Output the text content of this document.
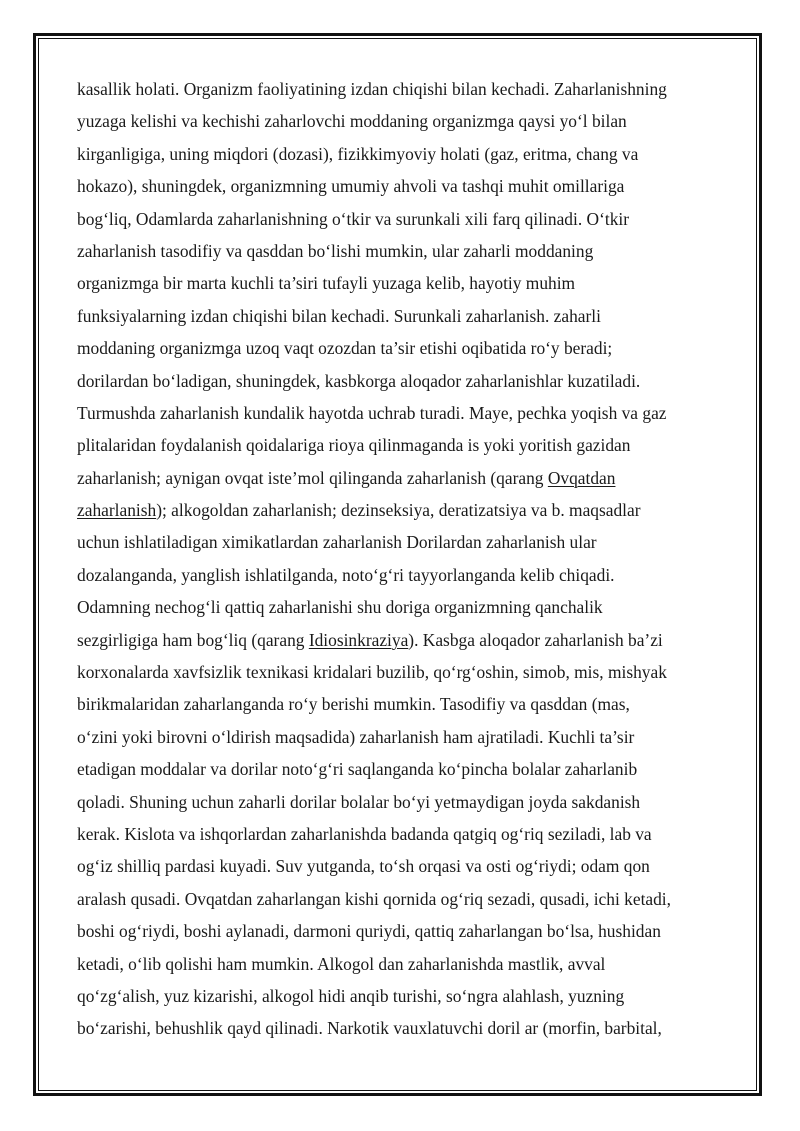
kasallik holati. Organizm faoliyatining izdan chiqishi bilan kechadi. Zaharlanishning
yuzaga kelishi va kechishi zaharlovchi moddaning organizmga qaysi yo‘l bilan
kirganligiga, uning miqdori (dozasi), fizikkimyoviy holati (gaz, eritma, chang va
hokazo), shuningdek, organizmning umumiy ahvoli va tashqi muhit omillariga
bog‘liq, Odamlarda zaharlanishning o‘tkir va surunkali xili farq qilinadi. O‘tkir
zaharlanish tasodifiy va qasddan bo‘lishi mumkin, ular zaharli moddaning
organizmga bir marta kuchli ta’siri tufayli yuzaga kelib, hayotiy muhim
funksiyalarning izdan chiqishi bilan kechadi. Surunkali zaharlanish. zaharli
moddaning organizmga uzoq vaqt ozozdan ta’sir etishi oqibatida ro‘y beradi;
dorilardan bo‘ladigan, shuningdek, kasbkorga aloqador zaharlanishlar kuzatiladi.
Turmushda zaharlanish kundalik hayotda uchrab turadi. Maye, pechka yoqish va gaz
plitalaridan foydalanish qoidalariga rioya qilinmaganda is yoki yoritish gazidan
zaharlanish; aynigan ovqat iste’mol qilinganda zaharlanish (qarang Ovqatdan
zaharlanish); alkogoldan zaharlanish; dezinseksiya, deratizatsiya va b. maqsadlar
uchun ishlatiladigan ximikatlardan zaharlanish Dorilardan zaharlanish ular
dozalanganda, yanglish ishlatilganda, noto‘g‘ri tayyorlanganda kelib chiqadi.
Odamning nechog‘li qattiq zaharlanishi shu doriga organizmning qanchalik
sezgirligiga ham bog‘liq (qarang Idiosinkraziya). Kasbga aloqador zaharlanish ba’zi
korxonalarda xavfsizlik texnikasi kridalari buzilib, qo‘rg‘oshin, simob, mis, mishyak
birikmalaridan zaharlanganda ro‘y berishi mumkin. Tasodifiy va qasddan (mas,
o‘zini yoki birovni o‘ldirish maqsadida) zaharlanish ham ajratiladi. Kuchli ta’sir
etadigan moddalar va dorilar noto‘g‘ri saqlanganda ko‘pincha bolalar zaharlanib
qoladi. Shuning uchun zaharli dorilar bolalar bo‘yi yetmaydigan joyda sakdanish
kerak. Kislota va ishqorlardan zaharlanishda badanda qatgiq og‘riq seziladi, lab va
og‘iz shilliq pardasi kuyadi. Suv yutganda, to‘sh orqasi va osti og‘riydi; odam qon
aralash qusadi. Ovqatdan zaharlangan kishi qornida og‘riq sezadi, qusadi, ichi ketadi,
boshi og‘riydi, boshi aylanadi, darmoni quriydi, qattiq zaharlangan bo‘lsa, hushidan
ketadi, o‘lib qolishi ham mumkin. Alkogol dan zaharlanishda mastlik, avval
qo‘zg‘alish, yuz kizarishi, alkogol hidi anqib turishi, so‘ngra alahlash, yuzning
bo‘zarishi, behushlik qayd qilinadi. Narkotik vauxlatuvchi doril ar (morfin, barbital,
